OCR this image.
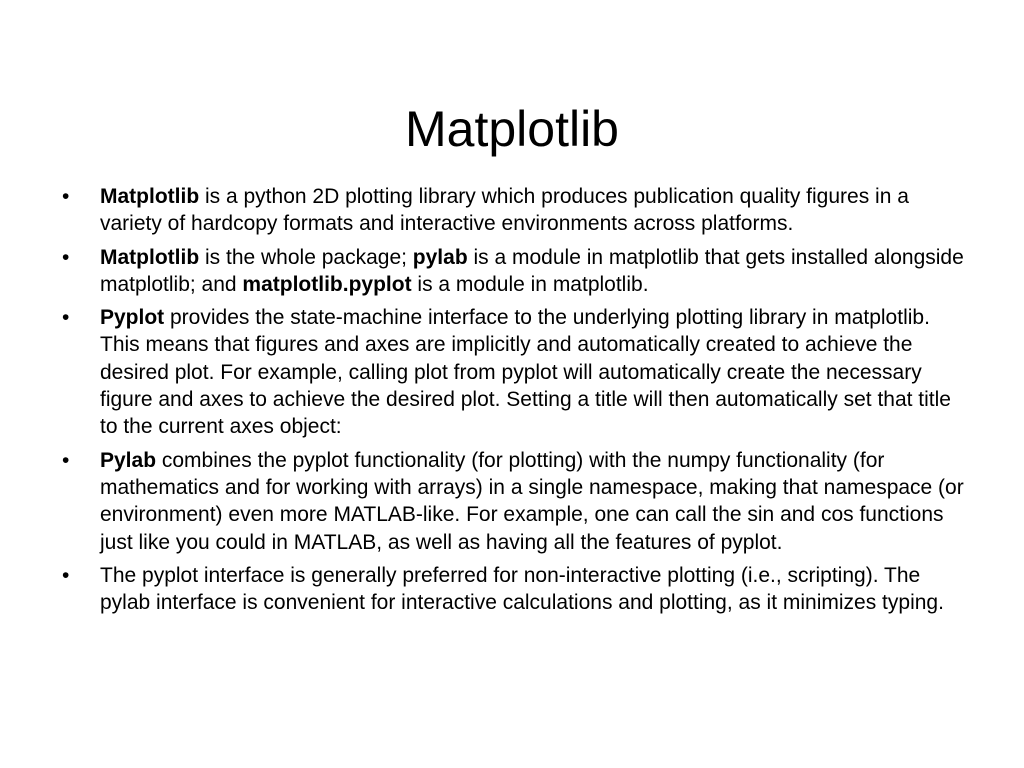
Matplotlib
•	Matplotlib is a python 2D plotting library which produces publication quality figures in a variety of hardcopy formats and interactive environments across platforms.
•	Matplotlib is the whole package; pylab is a module in matplotlib that gets installed alongside matplotlib; and matplotlib.pyplot is a module in matplotlib.
•	Pyplot provides the state-machine interface to the underlying plotting library in matplotlib. This means that figures and axes are implicitly and automatically created to achieve the desired plot. For example, calling plot from pyplot will automatically create the necessary figure and axes to achieve the desired plot. Setting a title will then automatically set that title to the current axes object:
•	Pylab combines the pyplot functionality (for plotting) with the numpy functionality (for mathematics and for working with arrays) in a single namespace, making that namespace (or environment) even more MATLAB-like. For example, one can call the sin and cos functions just like you could in MATLAB, as well as having all the features of pyplot.
•	The pyplot interface is generally preferred for non-interactive plotting (i.e., scripting). The pylab interface is convenient for interactive calculations and plotting, as it minimizes typing.
